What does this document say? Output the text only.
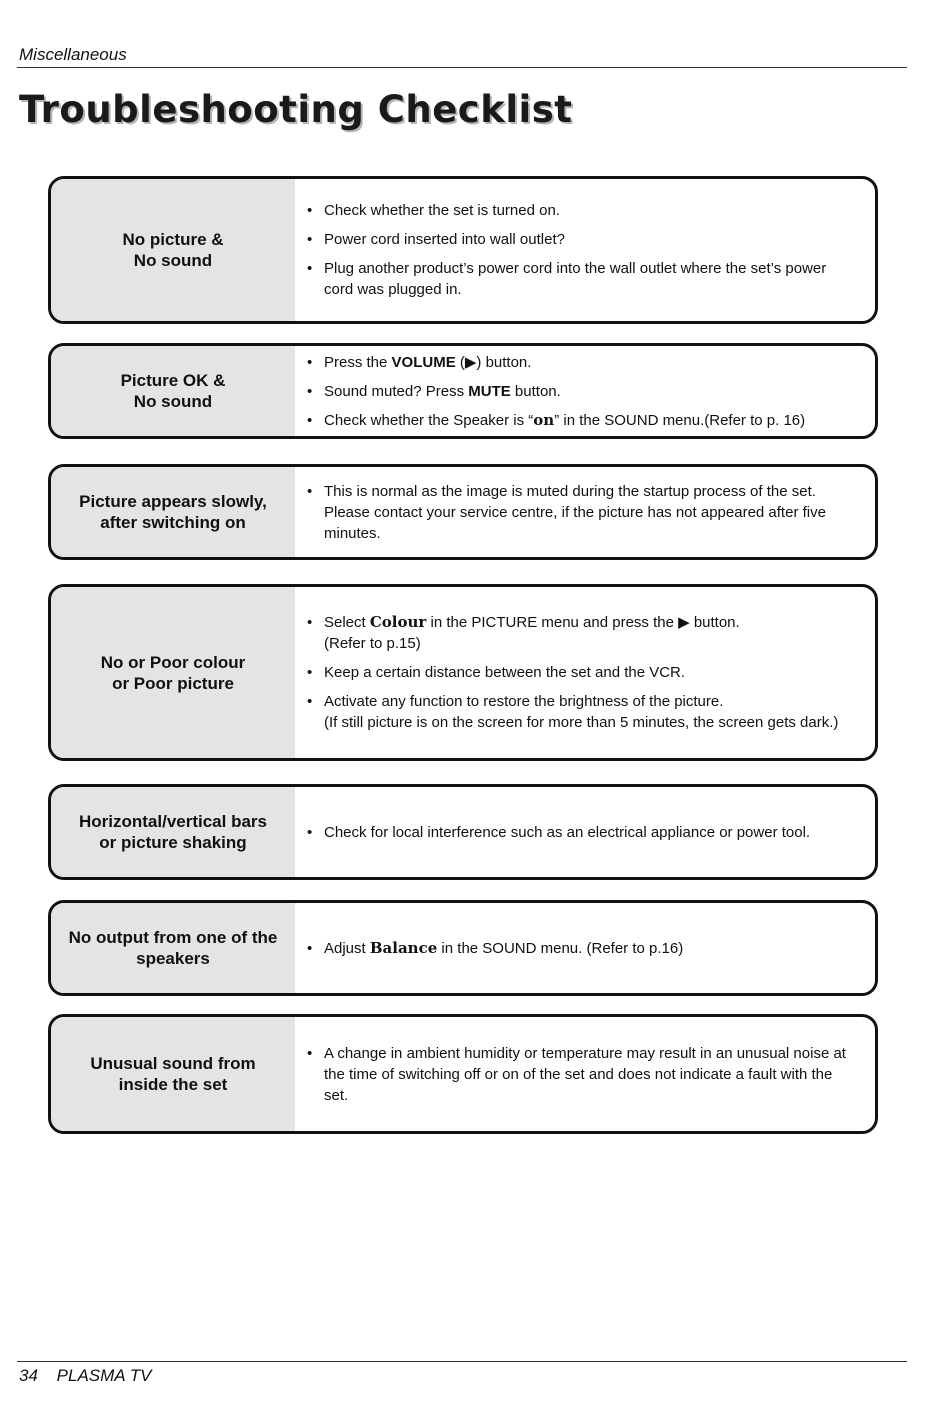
Miscellaneous
Troubleshooting Checklist
No picture &
No sound
• Check whether the set is turned on.
• Power cord inserted into wall outlet?
• Plug another product’s power cord into the wall outlet where the set’s power cord was plugged in.
Picture OK &
No sound
• Press the VOLUME (▶) button.
• Sound muted? Press MUTE button.
• Check whether the Speaker is “on” in the SOUND menu.(Refer to p. 16)
Picture appears slowly,
after switching on
• This is normal as the image is muted during the startup process of the set. Please contact your service centre, if the picture has not appeared after five minutes.
No or Poor colour
or Poor picture
• Select Colour in the PICTURE menu and press the ▶ button.
(Refer to p.15)
• Keep a certain distance between the set and the VCR.
• Activate any function to restore the brightness of the picture.
(If still picture is on the screen for more than 5 minutes, the screen gets dark.)
Horizontal/vertical bars
or picture shaking
• Check for local interference such as an electrical appliance or power tool.
No output from one of the
speakers
• Adjust Balance in the SOUND menu. (Refer to p.16)
Unusual sound from
inside the set
• A change in ambient humidity or temperature may result in an unusual noise at the time of switching off or on of the set and does not indicate a fault with the set.
34 PLASMA TV
